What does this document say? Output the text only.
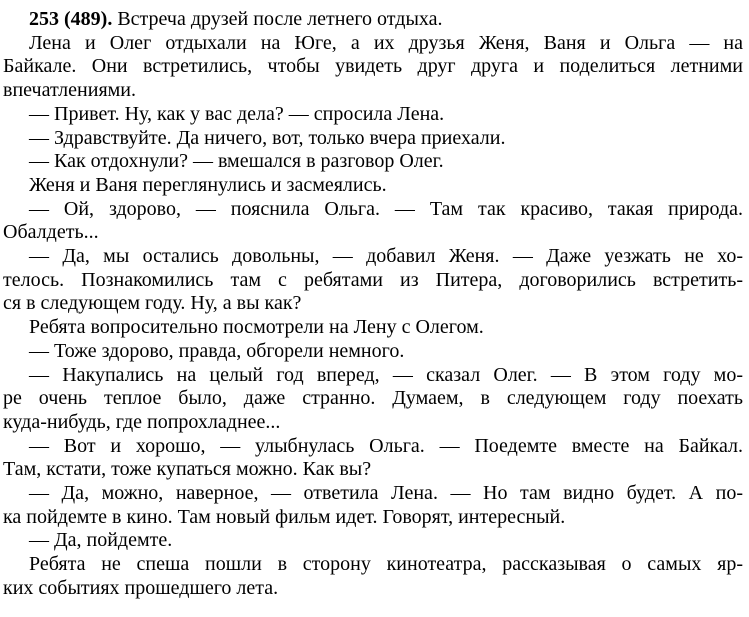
253 (489). Встреча друзей после летнего отдыха.
Лена и Олег отдыхали на Юге, а их друзья Женя, Ваня и Ольга — на
Байкале. Они встретились, чтобы увидеть друг друга и поделиться летними
впечатлениями.
— Привет. Ну, как у вас дела? — спросила Лена.
— Здравствуйте. Да ничего, вот, только вчера приехали.
— Как отдохнули? — вмешался в разговор Олег.
Женя и Ваня переглянулись и засмеялись.
— Ой, здорово, — пояснила Ольга. — Там так красиво, такая природа.
Обалдеть...
— Да, мы остались довольны, — добавил Женя. — Даже уезжать не хо-
телось. Познакомились там с ребятами из Питера, договорились встретить-
ся в следующем году. Ну, а вы как?
Ребята вопросительно посмотрели на Лену с Олегом.
— Тоже здорово, правда, обгорели немного.
— Накупались на целый год вперед, — сказал Олег. — В этом году мо-
ре очень теплое было, даже странно. Думаем, в следующем году поехать
куда-нибудь, где попрохладнее...
— Вот и хорошо, — улыбнулась Ольга. — Поедемте вместе на Байкал.
Там, кстати, тоже купаться можно. Как вы?
— Да, можно, наверное, — ответила Лена. — Но там видно будет. А по-
ка пойдемте в кино. Там новый фильм идет. Говорят, интересный.
— Да, пойдемте.
Ребята не спеша пошли в сторону кинотеатра, рассказывая о самых яр-
ких событиях прошедшего лета.
